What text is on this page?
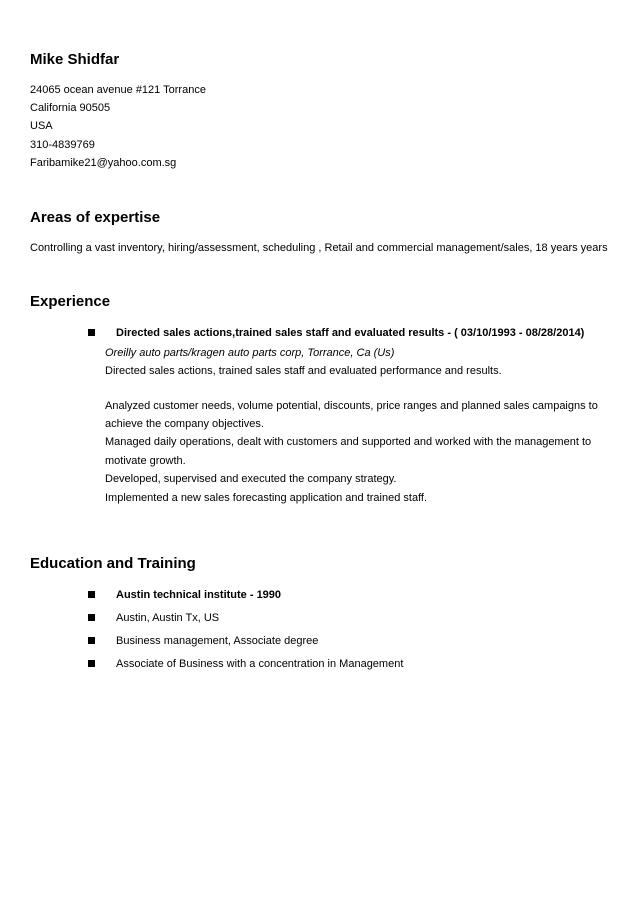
Mike Shidfar
24065 ocean avenue #121 Torrance
California 90505
USA
310-4839769
Faribamike21@yahoo.com.sg
Areas of expertise
Controlling a vast inventory, hiring/assessment, scheduling , Retail and commercial management/sales, 18 years years
Experience
Directed sales actions,trained sales staff and evaluated results - ( 03/10/1993 - 08/28/2014)
Oreilly auto parts/kragen auto parts corp, Torrance, Ca (Us)
Directed sales actions, trained sales staff and evaluated performance and results.
Analyzed customer needs, volume potential, discounts, price ranges and planned sales campaigns to
achieve the company objectives.
Managed daily operations, dealt with customers and supported and worked with the management to
motivate growth.
Developed, supervised and executed the company strategy.
Implemented a new sales forecasting application and trained staff.
Education and Training
Austin technical institute - 1990
Austin, Austin Tx, US
Business management, Associate degree
Associate of Business with a concentration in Management
